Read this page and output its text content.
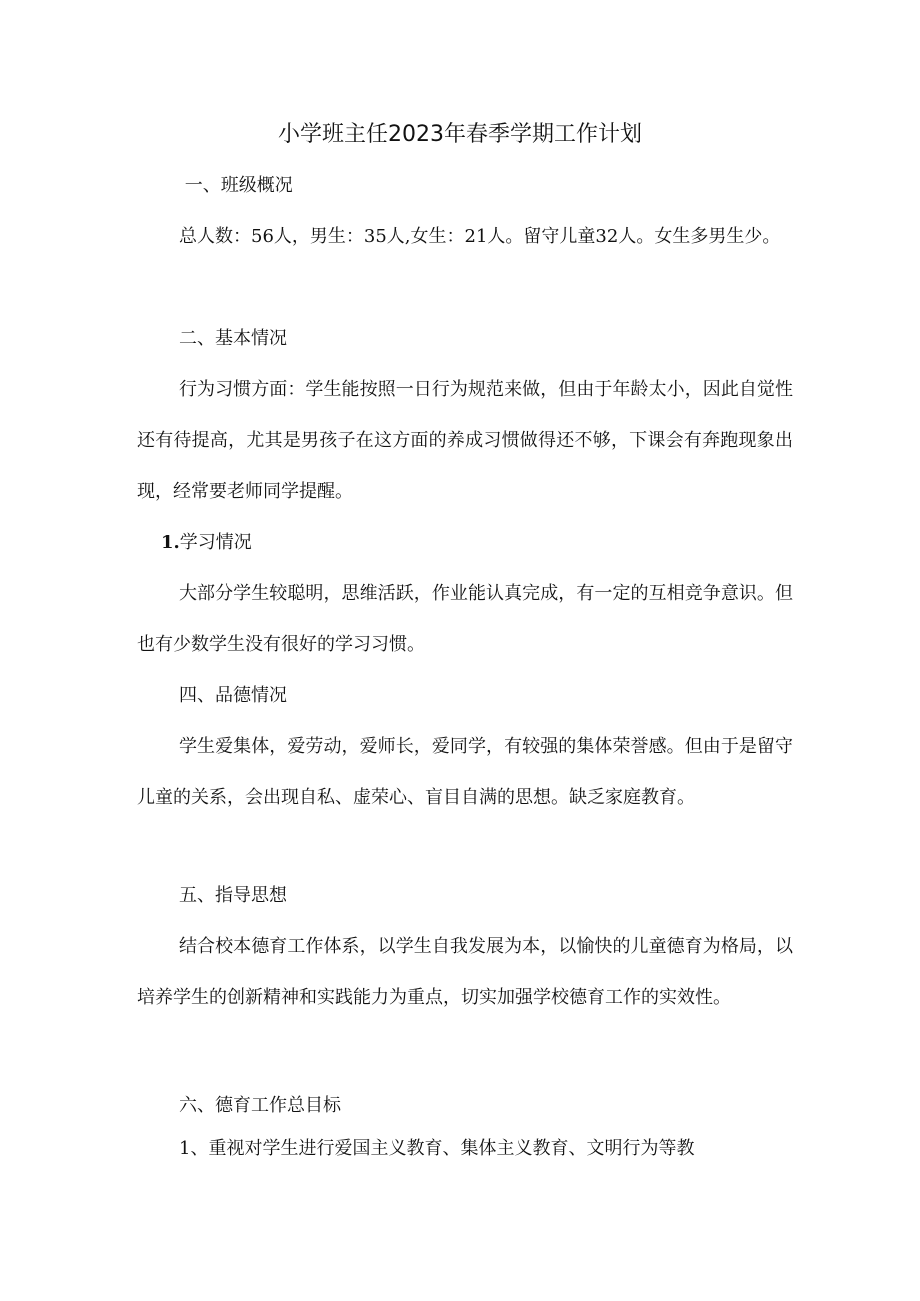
小学班主任2023年春季学期工作计划
一、班级概况
总人数：56人，男生：35人,女生：21人。留守儿童32人。女生多男生少。
二、基本情况
行为习惯方面：学生能按照一日行为规范来做，但由于年龄太小，因此自觉性还有待提高，尤其是男孩子在这方面的养成习惯做得还不够，下课会有奔跑现象出现，经常要老师同学提醒。
1.学习情况
大部分学生较聪明，思维活跃，作业能认真完成，有一定的互相竞争意识。但也有少数学生没有很好的学习习惯。
四、品德情况
学生爱集体，爱劳动，爱师长，爱同学，有较强的集体荣誉感。但由于是留守儿童的关系，会出现自私、虚荣心、盲目自满的思想。缺乏家庭教育。
五、指导思想
结合校本德育工作体系，以学生自我发展为本，以愉快的儿童德育为格局，以培养学生的创新精神和实践能力为重点，切实加强学校德育工作的实效性。
六、德育工作总目标
1、重视对学生进行爱国主义教育、集体主义教育、文明行为等教
